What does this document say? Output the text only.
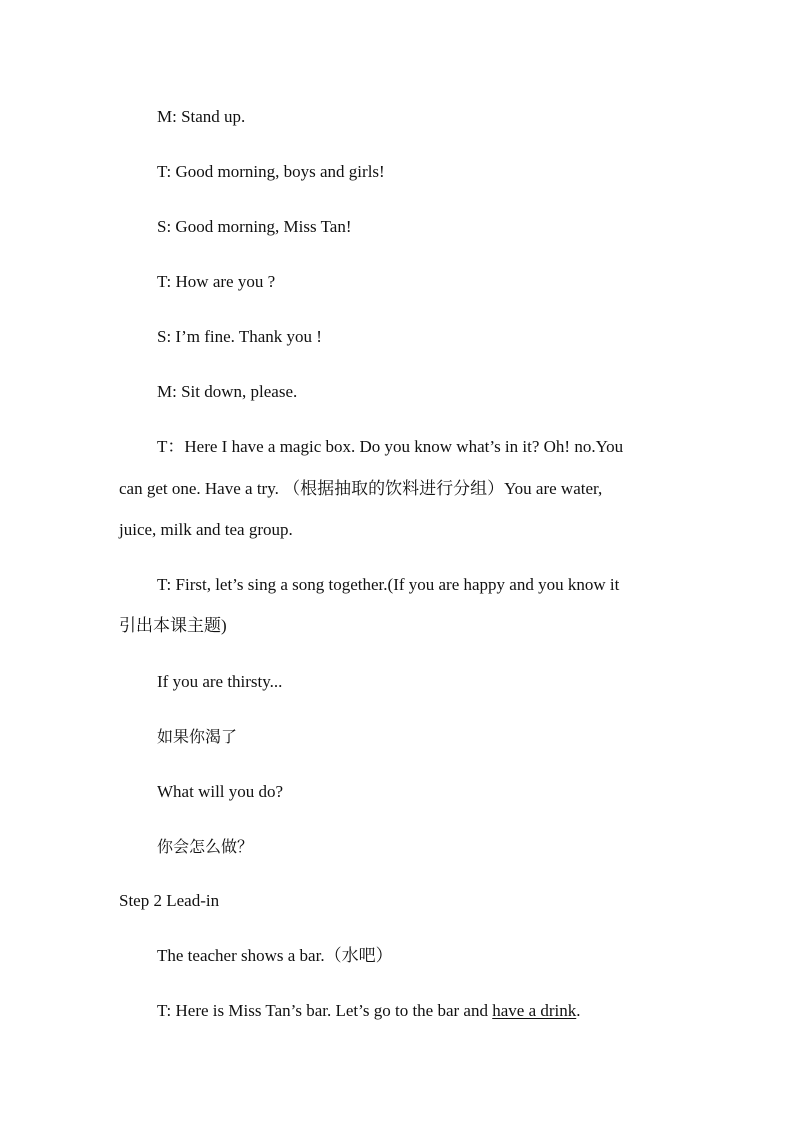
M: Stand up.
T: Good morning, boys and girls!
S: Good morning, Miss Tan!
T: How are you ?
S: I’m fine. Thank you !
M: Sit down, please.
T：Here I have a magic box. Do you know what’s in it? Oh! no.You
can get one. Have a try. （根据抽取的饮料进行分组）You are water,
juice, milk and tea group.
T: First, let’s sing a song together.(If you are happy and you know it
引出本课主题)
If you are thirsty...
如果你渴了
What will you do?
你会怎么做？
Step 2 Lead-in
The teacher shows a bar.（水吧）
T: Here is Miss Tan’s bar. Let’s go to the bar and have a drink.
